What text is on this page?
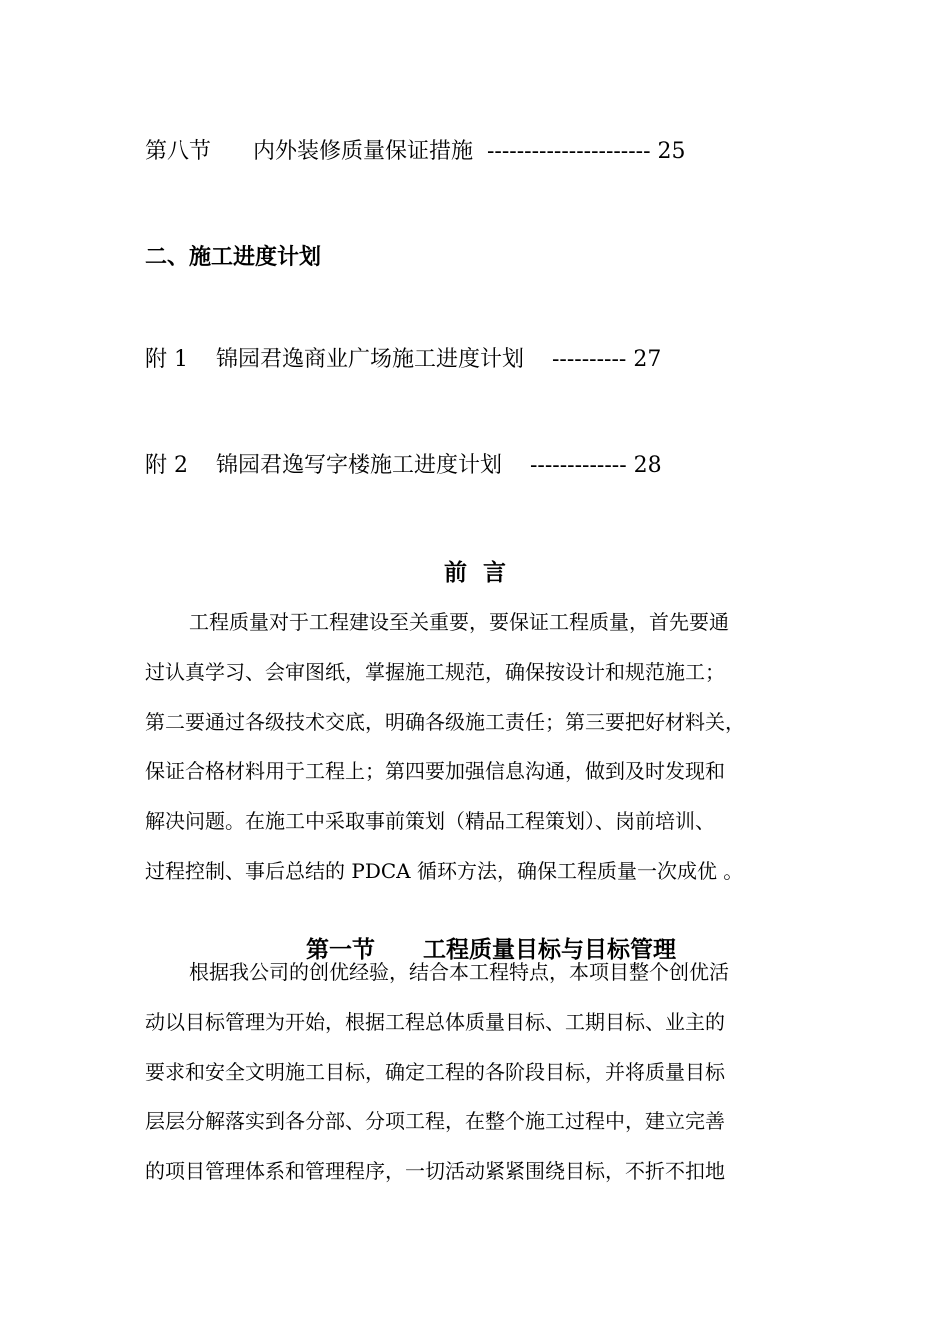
第八节 内外装修质量保证措施 ---------------------- 25
二、施工进度计划
附 1 锦园君逸商业广场施工进度计划 ---------- 27
附 2 锦园君逸写字楼施工进度计划 ------------- 28
前  言
工程质量对于工程建设至关重要，要保证工程质量，首先要通
过认真学习、会审图纸，掌握施工规范，确保按设计和规范施工；
第二要通过各级技术交底，明确各级施工责任；第三要把好材料关，
保证合格材料用于工程上；第四要加强信息沟通，做到及时发现和
解决问题。在施工中采取事前策划（精品工程策划）、岗前培训、
过程控制、事后总结的 PDCA 循环方法，确保工程质量一次成优 。

第一节 工程质量目标与目标管理

根据我公司的创优经验，结合本工程特点，本项目整个创优活
动以目标管理为开始，根据工程总体质量目标、工期目标、业主的
要求和安全文明施工目标，确定工程的各阶段目标，并将质量目标
层层分解落实到各分部、分项工程，在整个施工过程中，建立完善
的项目管理体系和管理程序，一切活动紧紧围绕目标，不折不扣地
